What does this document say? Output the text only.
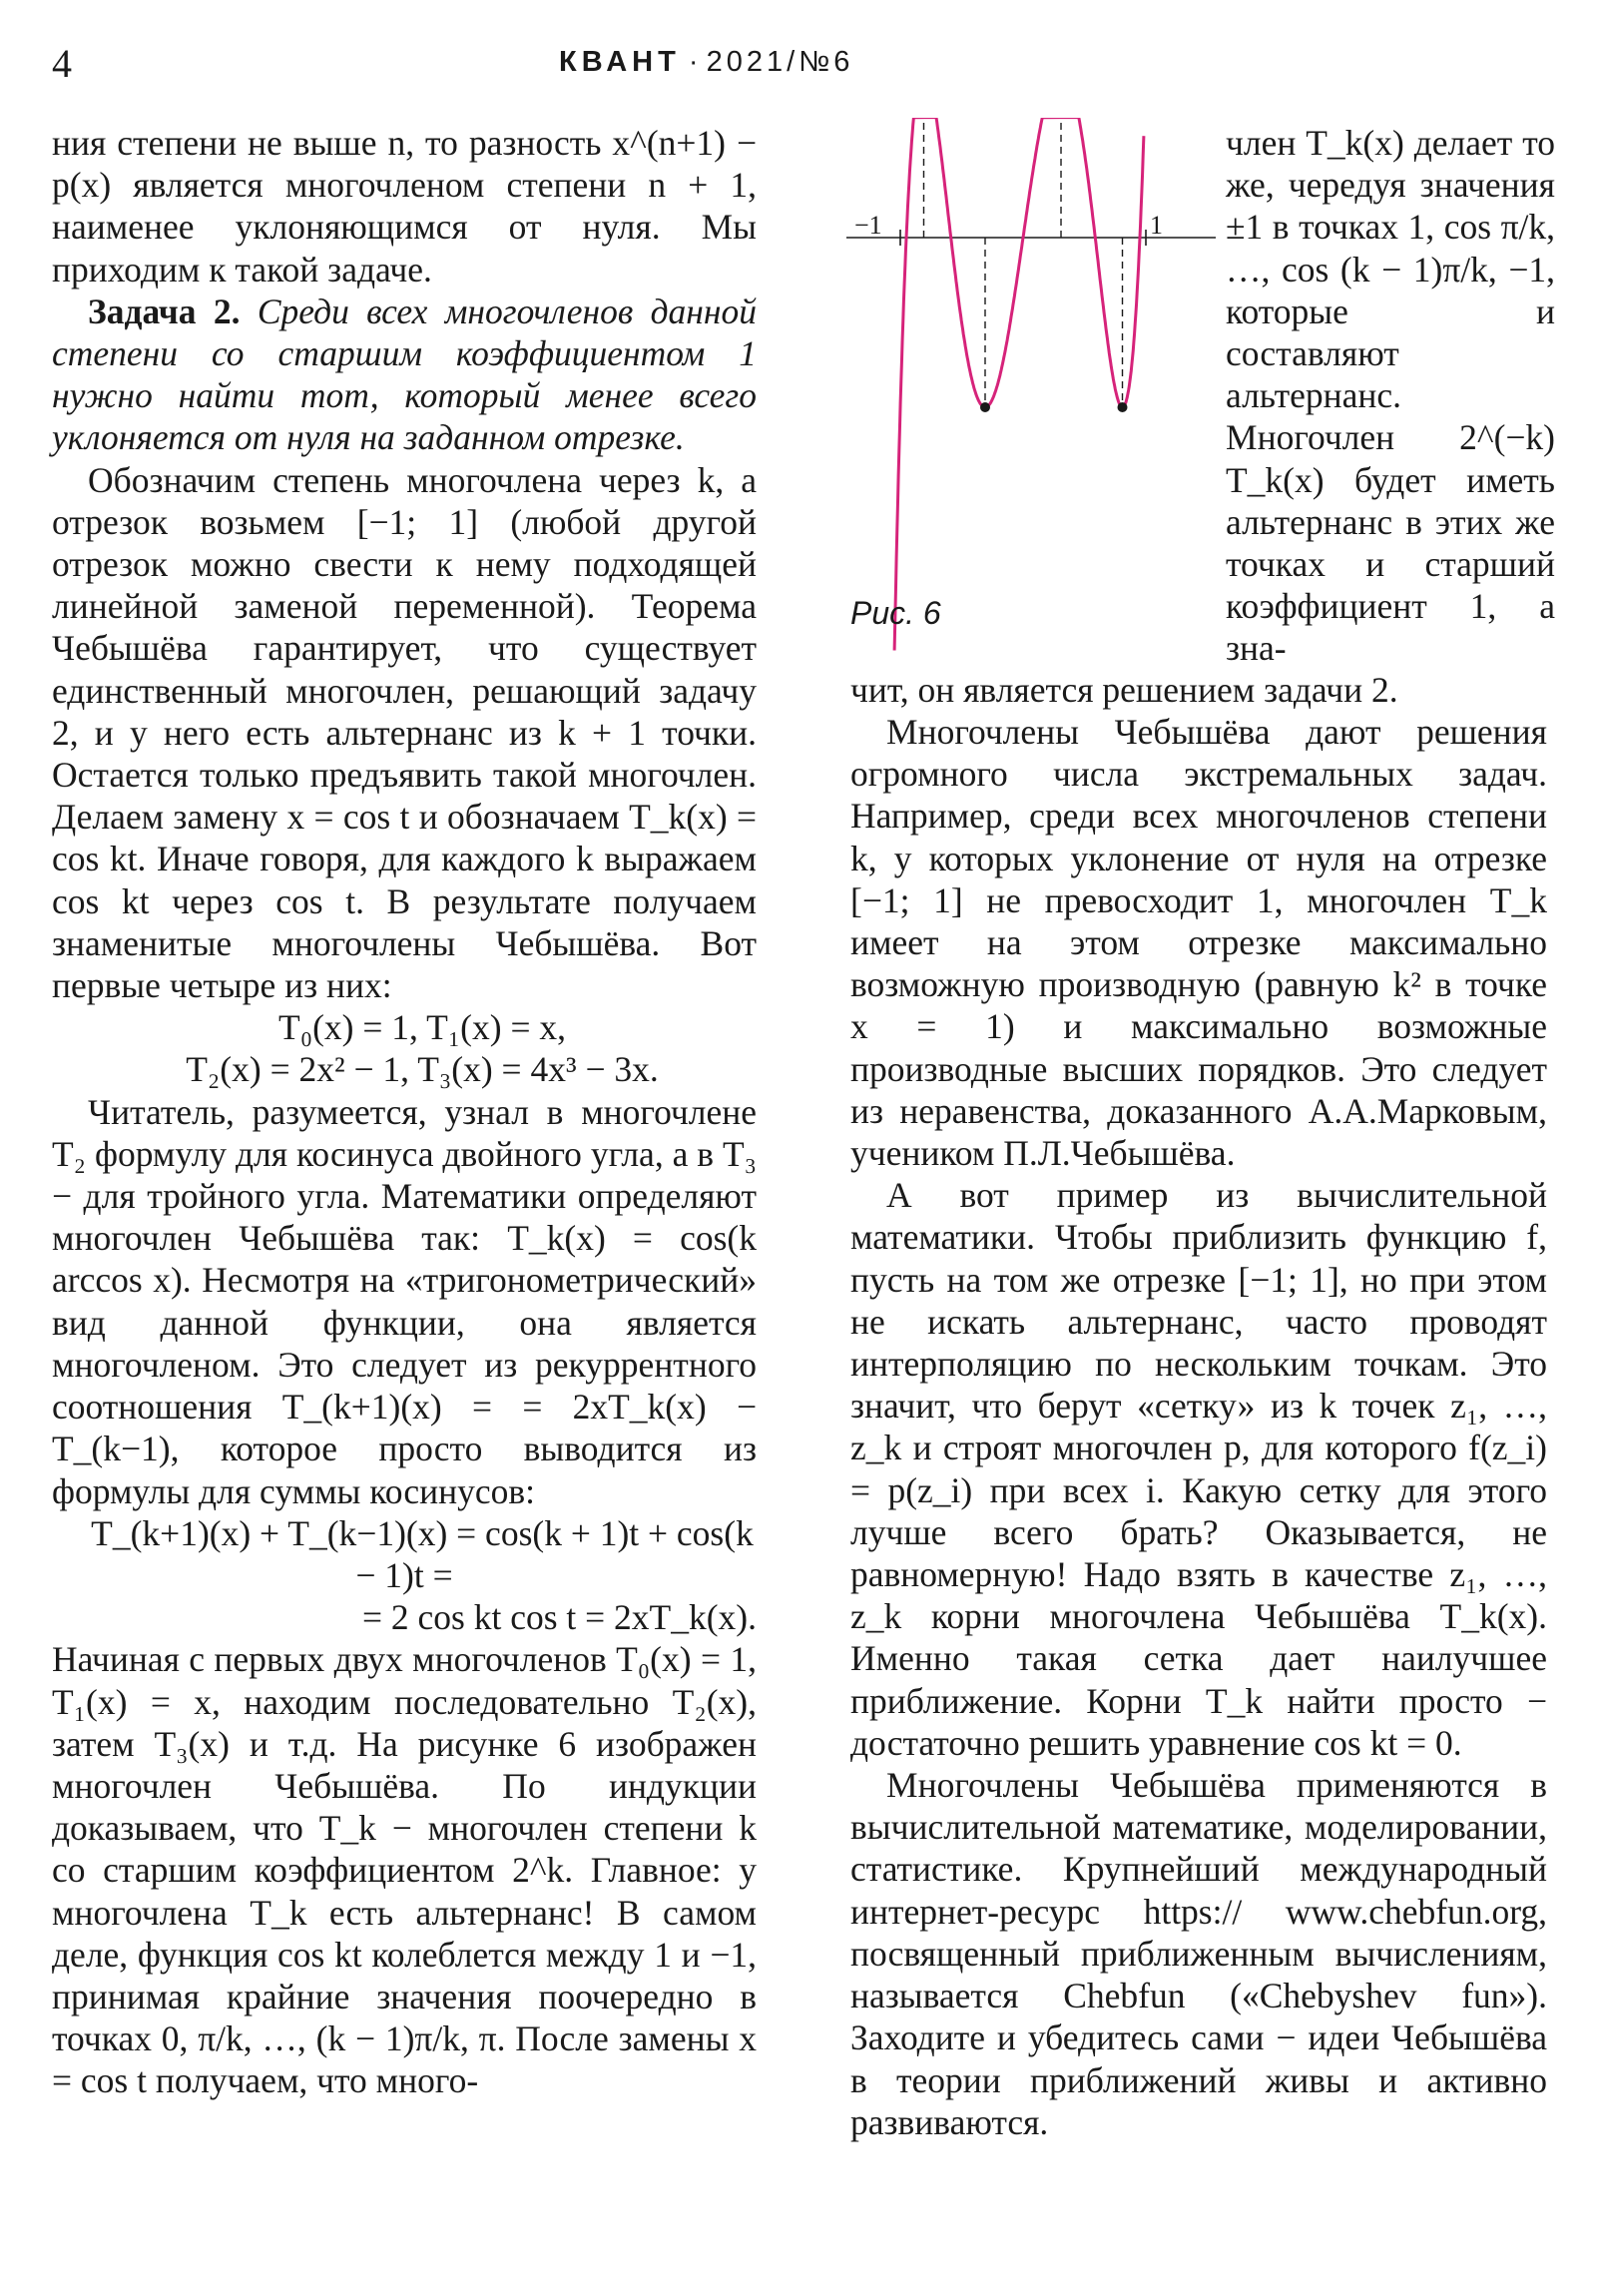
4	КВАНТ · 2021/№6

ния степени не выше n, то разность x^(n+1) − p(x) является многочленом степени n + 1, наименее уклоняющимся от нуля. Мы приходим к такой задаче.

Задача 2. Среди всех многочленов данной степени со старшим коэффициентом 1 нужно найти тот, который менее всего уклоняется от нуля на заданном отрезке.

Обозначим степень многочлена через k, а отрезок возьмем [−1; 1] (любой другой отрезок можно свести к нему подходящей линейной заменой переменной). Теорема Чебышёва гарантирует, что существует единственный многочлен, решающий задачу 2, и у него есть альтернанс из k + 1 точки. Остается только предъявить такой многочлен. Делаем замену x = cos t и обозначаем T_k(x) = cos kt. Иначе говоря, для каждого k выражаем cos kt через cos t. В результате получаем знаменитые многочлены Чебышёва. Вот первые четыре из них:

T₀(x) = 1, T₁(x) = x,

T₂(x) = 2x² − 1, T₃(x) = 4x³ − 3x.

Читатель, разумеется, узнал в многочлене T₂ формулу для косинуса двойного угла, а в T₃ − для тройного угла. Математики определяют многочлен Чебышёва так: T_k(x) = cos(k arccos x). Несмотря на «тригонометрический» вид данной функции, она является многочленом. Это следует из рекуррентного соотношения T_(k+1)(x) = = 2xT_k(x) − T_(k−1), которое просто выводится из формулы для суммы косинусов:

T_(k+1)(x) + T_(k−1)(x) = cos(k + 1)t + cos(k − 1)t =

= 2 cos kt cos t = 2xT_k(x).

Начиная с первых двух многочленов T₀(x) = 1, T₁(x) = x, находим последовательно T₂(x), затем T₃(x) и т.д. На рисунке 6 изображен многочлен Чебышёва. По индукции доказываем, что T_k − многочлен степени k со старшим коэффициентом 2^k. Главное: у многочлена T_k есть альтернанс! В самом деле, функция cos kt колеблется между 1 и −1, принимая крайние значения поочередно в точках 0, π/k, …, (k − 1)π/k, π. После замены x = cos t получаем, что много-

−1	1
Рис. 6

член T_k(x) делает то же, чередуя значения ±1 в точках 1, cos π/k, …, cos (k − 1)π/k, −1, которые и составляют альтернанс. Многочлен 2^(−k) T_k(x) будет иметь альтернанс в этих же точках и старший коэффициент 1, а зна-

чит, он является решением задачи 2.

Многочлены Чебышёва дают решения огромного числа экстремальных задач. Например, среди всех многочленов степени k, у которых уклонение от нуля на отрезке [−1; 1] не превосходит 1, многочлен T_k имеет на этом отрезке максимально возможную производную (равную k² в точке x = 1) и максимально возможные производные высших порядков. Это следует из неравенства, доказанного А.А.Марковым, учеником П.Л.Чебышёва.

А вот пример из вычислительной математики. Чтобы приблизить функцию f, пусть на том же отрезке [−1; 1], но при этом не искать альтернанс, часто проводят интерполяцию по нескольким точкам. Это значит, что берут «сетку» из k точек z₁, …, z_k и строят многочлен p, для которого f(z_i) = p(z_i) при всех i. Какую сетку для этого лучше всего брать? Оказывается, не равномерную! Надо взять в качестве z₁, …, z_k корни многочлена Чебышёва T_k(x). Именно такая сетка дает наилучшее приближение. Корни T_k найти просто − достаточно решить уравнение cos kt = 0.

Многочлены Чебышёва применяются в вычислительной математике, моделировании, статистике. Крупнейший международный интернет-ресурс https:// www.chebfun.org, посвященный приближенным вычислениям, называется Chebfun («Chebyshev fun»). Заходите и убедитесь сами − идеи Чебышёва в теории приближений живы и активно развиваются.
